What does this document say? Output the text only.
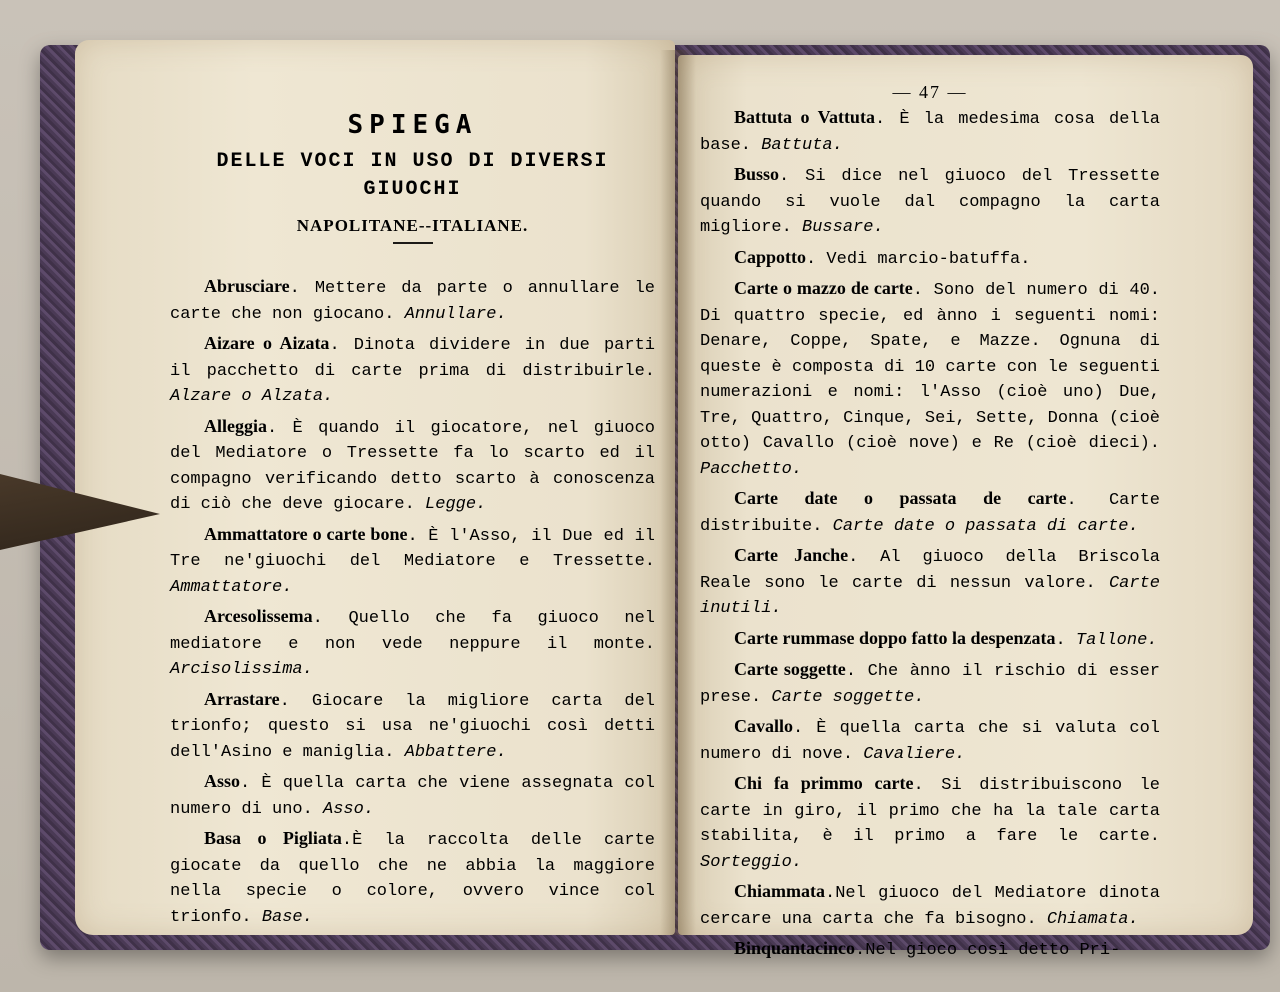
SPIEGA
DELLE VOCI IN USO DI DIVERSI
GIUOCHI
NAPOLITANE--ITALIANE.

Abrusciare. Mettere da parte o annullare le carte che non giocano. Annullare.

Aizare o Aizata. Dinota dividere in due parti il pacchetto di carte prima di distribuirle. Alzare o Alzata.

Alleggia. È quando il giocatore, nel giuoco del Mediatore o Tressette fa lo scarto ed il compagno verificando detto scarto à conoscenza di ciò che deve giocare. Legge.

Ammattatore o carte bone. È l'Asso, il Due ed il Tre ne'giuochi del Mediatore e Tressette. Ammattatore.

Arcesolissema. Quello che fa giuoco nel mediatore e non vede neppure il monte. Arcisolissima.

Arrastare. Giocare la migliore carta del trionfo; questo si usa ne'giuochi così detti dell'Asino e maniglia. Abbattere.

Asso. È quella carta che viene assegnata col numero di uno. Asso.

Basa o Pigliata.È la raccolta delle carte giocate da quello che ne abbia la maggiore nella specie o colore, ovvero vince col trionfo. Base.

— 47 —

Battuta o Vattuta. È la medesima cosa della base. Battuta.

Busso. Si dice nel giuoco del Tressette quando si vuole dal compagno la carta migliore. Bussare.

Cappotto. Vedi marcio-batuffa.

Carte o mazzo de carte. Sono del numero di 40. Di quattro specie, ed ànno i seguenti nomi: Denare, Coppe, Spate, e Mazze. Ognuna di queste è composta di 10 carte con le seguenti numerazioni e nomi: l'Asso (cioè uno) Due, Tre, Quattro, Cinque, Sei, Sette, Donna (cioè otto) Cavallo (cioè nove) e Re (cioè dieci). Pacchetto.

Carte date o passata de carte. Carte distribuite. Carte date o passata di carte.

Carte Janche. Al giuoco della Briscola Reale sono le carte di nessun valore. Carte inutili.

Carte rummase doppo fatto la despenzata. Tallone.

Carte soggette. Che ànno il rischio di esser prese. Carte soggette.

Cavallo. È quella carta che si valuta col numero di nove. Cavaliere.

Chi fa primmo carte. Si distribuiscono le carte in giro, il primo che ha la tale carta stabilita, è il primo a fare le carte. Sorteggio.

Chiammata.Nel giuoco del Mediatore dinota cercare una carta che fa bisogno. Chiamata.

Binquantacinco.Nel gioco così detto Pri-
